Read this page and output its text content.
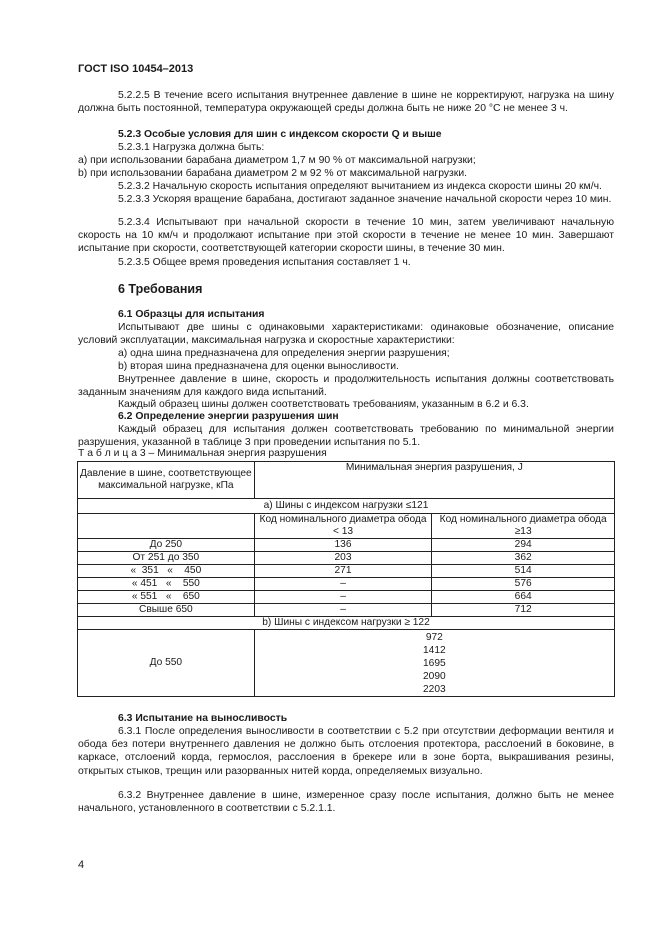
ГОСТ ISO 10454–2013
5.2.2.5 В течение всего испытания внутреннее давление в шине не корректируют, нагрузка на шину должна быть постоянной, температура окружающей среды должна быть не ниже 20 °С не менее 3 ч.
5.2.3 Особые условия для шин с индексом скорости Q и выше
5.2.3.1 Нагрузка должна быть:
а) при использовании барабана диаметром 1,7 м 90 % от максимальной нагрузки;
b) при использовании барабана диаметром 2 м 92 % от максимальной нагрузки.
5.2.3.2 Начальную скорость испытания определяют вычитанием из индекса скорости шины 20 км/ч.
5.2.3.3 Ускоряя вращение барабана, достигают заданное значение начальной скорости через 10 мин.
5.2.3.4 Испытывают при начальной скорости в течение 10 мин, затем увеличивают начальную скорость на 10 км/ч и продолжают испытание при этой скорости в течение не менее 10 мин. Завершают испытание при скорости, соответствующей категории скорости шины, в течение 30 мин.
5.2.3.5 Общее время проведения испытания составляет 1 ч.
6 Требования
6.1 Образцы для испытания
Испытывают две шины с одинаковыми характеристиками: одинаковые обозначение, описание условий эксплуатации, максимальная нагрузка и скоростные характеристики:
а) одна шина предназначена для определения энергии разрушения;
b) вторая шина предназначена для оценки выносливости.
Внутреннее давление в шине, скорость и продолжительность испытания должны соответствовать заданным значениям для каждого вида испытаний.
Каждый образец шины должен соответствовать требованиям, указанным в 6.2 и 6.3.
6.2 Определение энергии разрушения шин
Каждый образец для испытания должен соответствовать требованию по минимальной энергии разрушения, указанной в таблице 3 при проведении испытания по 5.1.
Т а б л и ц а 3 – Минимальная энергия разрушения
Давление в шине, соответствующее максимальной нагрузке, кПа	Минимальная энергия разрушения, J	
а) Шины с индексом нагрузки ≤121		
	Код номинального диаметра обода < 13	Код номинального диаметра обода ≥13
До 250	136	294
От 251 до 350	203	362
«  351   «    450	271	514
« 451   «    550	–	576
« 551   «    650	–	664
Свыше 650	–	712
b) Шины с индексом нагрузки ≥ 122		
До 550	972
1412
1695
2090
2203	
6.3 Испытание на выносливость
6.3.1 После определения выносливости в соответствии с 5.2 при отсутствии деформации вентиля и обода без потери внутреннего давления не должно быть отслоения протектора, расслоений в боковине, в каркасе, отслоений корда, гермослоя, расслоения в брекере или в зоне борта, выкрашивания резины, открытых стыков, трещин или разорванных нитей корда, определяемых визуально.
6.3.2 Внутреннее давление в шине, измеренное сразу после испытания, должно быть не менее начального, установленного в соответствии с 5.2.1.1.
4
